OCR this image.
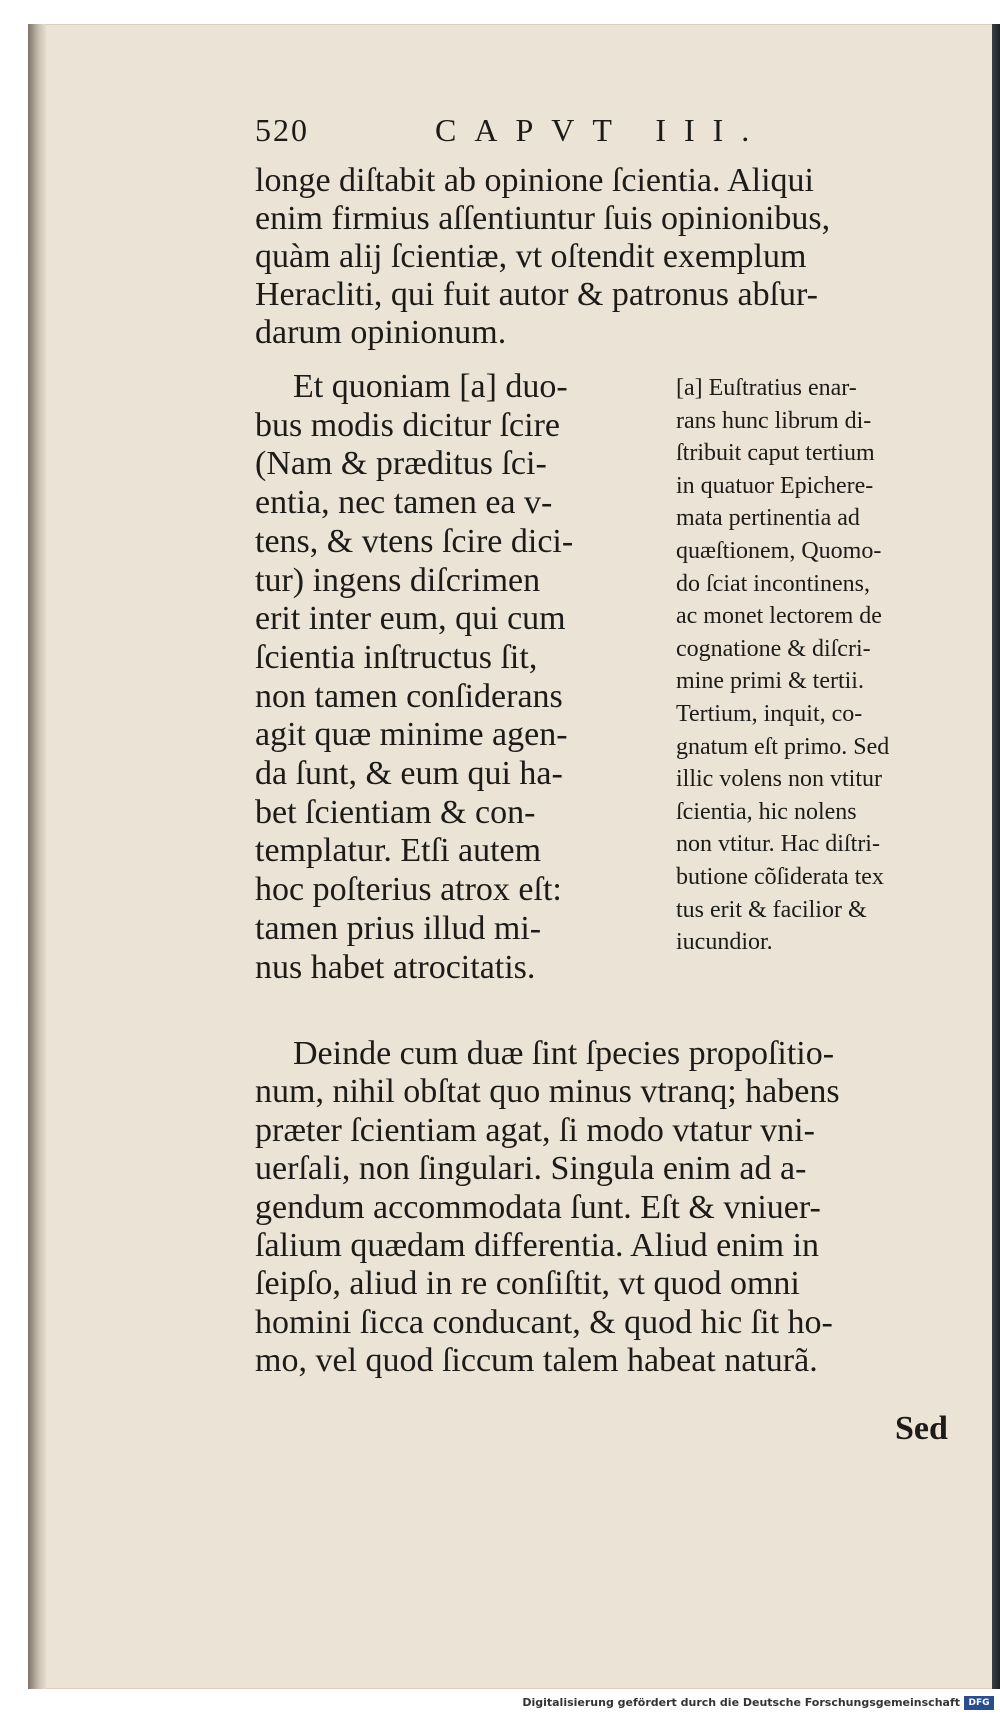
520	CAPVT III.
longe diſtabit ab opinione ſcientia. Aliqui
enim firmius aſſentiuntur ſuis opinionibus,
quàm alij ſcientiæ, vt oſtendit exemplum
Heracliti, qui fuit autor & patronus abſur-
darum opinionum.
Et quoniam [a] duo-
bus modis dicitur ſcire
(Nam & præditus ſci-
entia, nec tamen ea v-
tens, & vtens ſcire dici-
tur) ingens diſcrimen
erit inter eum, qui cum
ſcientia inſtructus ſit,
non tamen conſiderans
agit quæ minime agen-
da ſunt, & eum qui ha-
bet ſcientiam & con-
templatur. Etſi autem
hoc poſterius atrox eſt:
tamen prius illud mi-
nus habet atrocitatis.
[a] Euſtratius enar-
rans hunc librum di-
ſtribuit caput tertium
in quatuor Epichere-
mata pertinentia ad
quæſtionem, Quomo-
do ſciat incontinens,
ac monet lectorem de
cognatione & diſcri-
mine primi & tertii.
Tertium, inquit, co-
gnatum eſt primo. Sed
illic volens non vtitur
ſcientia, hic nolens
non vtitur. Hac diſtri-
butione cõſiderata tex
tus erit & facilior &
iucundior.
Deinde cum duæ ſint ſpecies propoſitio-
num, nihil obſtat quo minus vtranq; habens
præter ſcientiam agat, ſi modo vtatur vni-
uerſali, non ſingulari. Singula enim ad a-
gendum accommodata ſunt. Eſt & vniuer-
ſalium quædam differentia. Aliud enim in
ſeipſo, aliud in re conſiſtit, vt quod omni
homini ſicca conducant, & quod hic ſit ho-
mo, vel quod ſiccum talem habeat naturã.
Sed
Digitalisierung gefördert durch die Deutsche Forschungsgemeinschaft DFG
